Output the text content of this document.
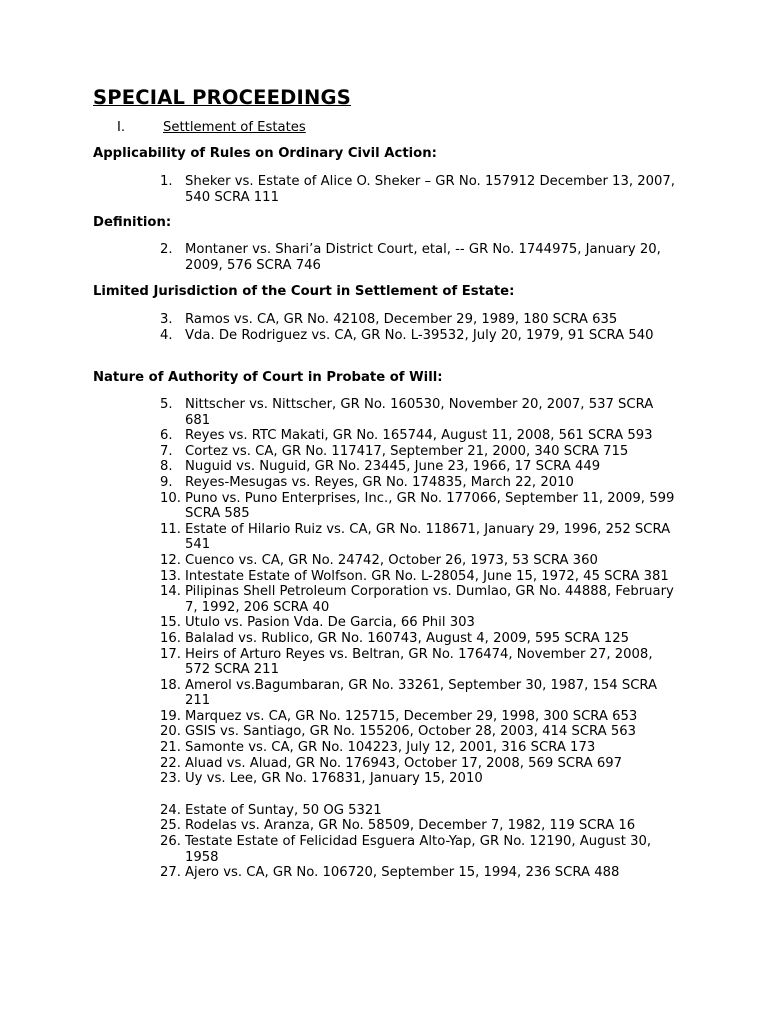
SPECIAL PROCEEDINGS
I.	Settlement of Estates
Applicability of Rules on Ordinary Civil Action:
1. Sheker vs. Estate of Alice O. Sheker – GR No. 157912 December 13, 2007, 540 SCRA 111
Definition:
2. Montaner vs. Shari’a District Court, etal, -- GR No. 1744975, January 20, 2009, 576 SCRA 746
Limited Jurisdiction of the Court in Settlement of Estate:
3. Ramos vs. CA, GR No. 42108, December 29, 1989, 180 SCRA 635
4. Vda. De Rodriguez vs. CA, GR No. L-39532, July 20, 1979, 91 SCRA 540
Nature of Authority of Court in Probate of Will:
5. Nittscher vs. Nittscher, GR No. 160530, November 20, 2007, 537 SCRA 681
6. Reyes vs. RTC Makati, GR No. 165744, August 11, 2008, 561 SCRA 593
7. Cortez vs. CA, GR No. 117417, September 21, 2000, 340 SCRA 715
8. Nuguid vs. Nuguid, GR No. 23445, June 23, 1966, 17 SCRA 449
9. Reyes-Mesugas vs. Reyes, GR No. 174835, March 22, 2010
10. Puno vs. Puno Enterprises, Inc., GR No. 177066, September 11, 2009, 599 SCRA 585
11. Estate of Hilario Ruiz vs. CA, GR No. 118671, January 29, 1996, 252 SCRA 541
12. Cuenco vs. CA, GR No. 24742, October 26, 1973, 53 SCRA 360
13. Intestate Estate of Wolfson. GR No. L-28054, June 15, 1972, 45 SCRA 381
14. Pilipinas Shell Petroleum Corporation vs. Dumlao, GR No. 44888, February 7, 1992, 206 SCRA 40
15. Utulo vs. Pasion Vda. De Garcia, 66 Phil 303
16. Balalad vs. Rublico, GR No. 160743, August 4, 2009, 595 SCRA 125
17. Heirs of Arturo Reyes vs. Beltran, GR No. 176474, November 27, 2008, 572 SCRA 211
18. Amerol vs.Bagumbaran, GR No. 33261, September 30, 1987, 154 SCRA 211
19. Marquez vs. CA, GR No. 125715, December 29, 1998, 300 SCRA 653
20. GSIS vs. Santiago, GR No. 155206, October 28, 2003, 414 SCRA 563
21. Samonte vs. CA, GR No. 104223, July 12, 2001, 316 SCRA 173
22. Aluad vs. Aluad, GR No. 176943, October 17, 2008, 569 SCRA 697
23. Uy vs. Lee, GR No. 176831, January 15, 2010
24. Estate of Suntay, 50 OG 5321
25. Rodelas vs. Aranza, GR No. 58509, December 7, 1982, 119 SCRA 16
26. Testate Estate of Felicidad Esguera Alto-Yap, GR No. 12190, August 30, 1958
27. Ajero vs. CA, GR No. 106720, September 15, 1994, 236 SCRA 488
